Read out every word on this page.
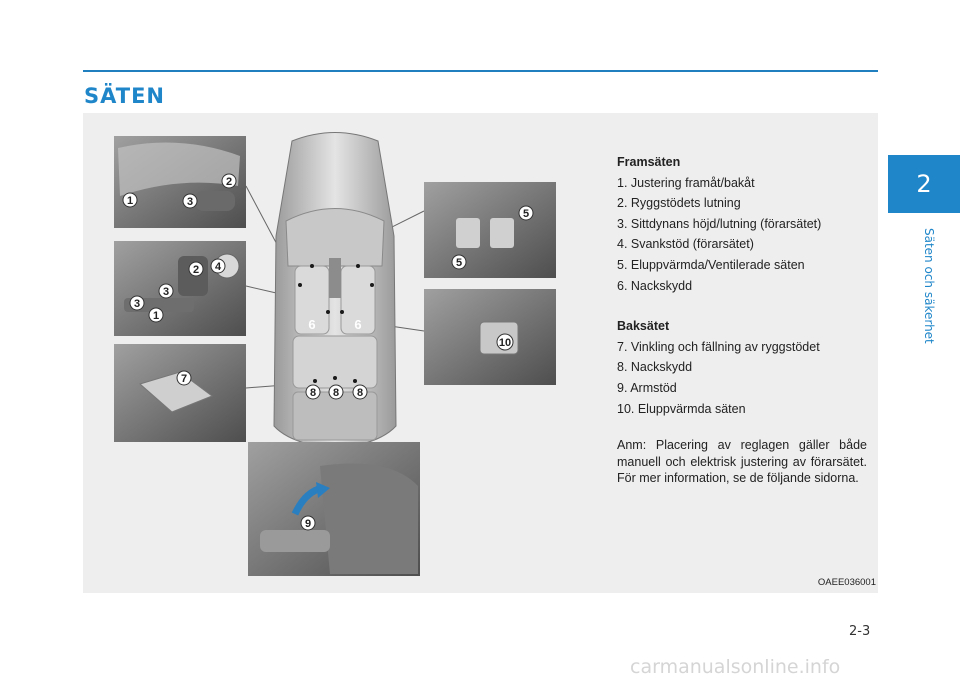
SÄTEN
2
Säten och säkerhet
1
2
3
2 4
3
3
1
7
5
5
10
9
6	6
8 8 8
Framsäten
1. Justering framåt/bakåt
2. Ryggstödets lutning
3. Sittdynans höjd/lutning (förarsätet)
4. Svankstöd (förarsätet)
5. Eluppvärmda/Ventilerade säten
6. Nackskydd
Baksätet
7. Vinkling och fällning av ryggstödet
8. Nackskydd
9. Armstöd
10. Eluppvärmda säten
Anm: Placering av reglagen gäller både manuell och elektrisk justering av förarsätet. För mer information, se de följande sidorna.
OAEE036001
2-3
carmanualsonline.info
